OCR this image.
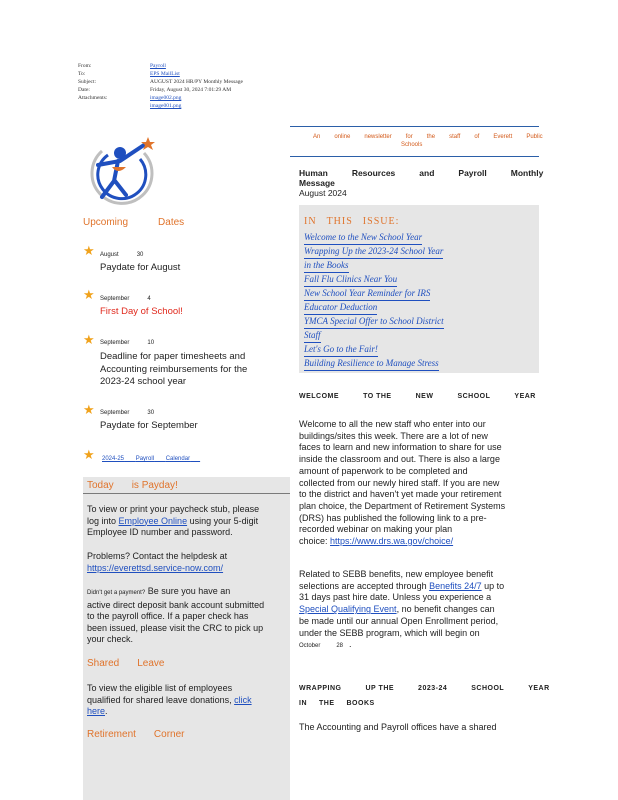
From:	Payroll
To:	EPS MailList
Subject:	AUGUST 2024 HR/PY Monthly Message
Date:	Friday, August 30, 2024 7:01:29 AM
Attachments:	image002.png
image001.png
Upcoming	Dates
★ August	30
Paydate for August
★ September	4
First Day of School!
★ September	10
Deadline for paper timesheets and
Accounting reimbursements for the
2023-24 school year
★ September	30
Paydate for September
★ 2024-25 Payroll Calendar
Today is Payday!
To view or print your paycheck stub, please
log into Employee Online using your 5-digit
Employee ID number and password.
Problems? Contact the helpdesk at
https://everettsd.service-now.com/
Didn't get a payment? Be sure you have an
active direct deposit bank account submitted
to the payroll office. If a paper check has
been issued, please visit the CRC to pick up
your check.
Shared Leave
To view the eligible list of employees
qualified for shared leave donations, click
here.
Retirement Corner
An online newsletter for the staff of Everett Public
Schools
Human	Resources	and	Payroll	Monthly
Message
August 2024
IN THIS ISSUE:
Welcome to the New School Year
Wrapping Up the 2023-24 School Year
in the Books
Fall Flu Clinics Near You
New School Year Reminder for IRS
Educator Deduction
YMCA Special Offer to School District
Staff
Let's Go to the Fair!
Building Resilience to Manage Stress
WELCOME	TO THE	NEW	SCHOOL	YEAR
Welcome to all the new staff who enter into our
buildings/sites this week. There are a lot of new
faces to learn and new information to share for use
inside the classroom and out. There is also a large
amount of paperwork to be completed and
collected from our newly hired staff. If you are new
to the district and haven't yet made your retirement
plan choice, the Department of Retirement Systems
(DRS) has published the following link to a pre-
recorded webinar on making your plan
choice: https://www.drs.wa.gov/choice/
Related to SEBB benefits, new employee benefit
selections are accepted through Benefits 24/7 up to
31 days past hire date. Unless you experience a
Special Qualifying Event, no benefit changes can
be made until our annual Open Enrollment period,
under the SEBB program, which will begin on
October	28 .
WRAPPING	UP THE	2023-24	SCHOOL	YEAR
IN THE BOOKS
The Accounting and Payroll offices have a shared
